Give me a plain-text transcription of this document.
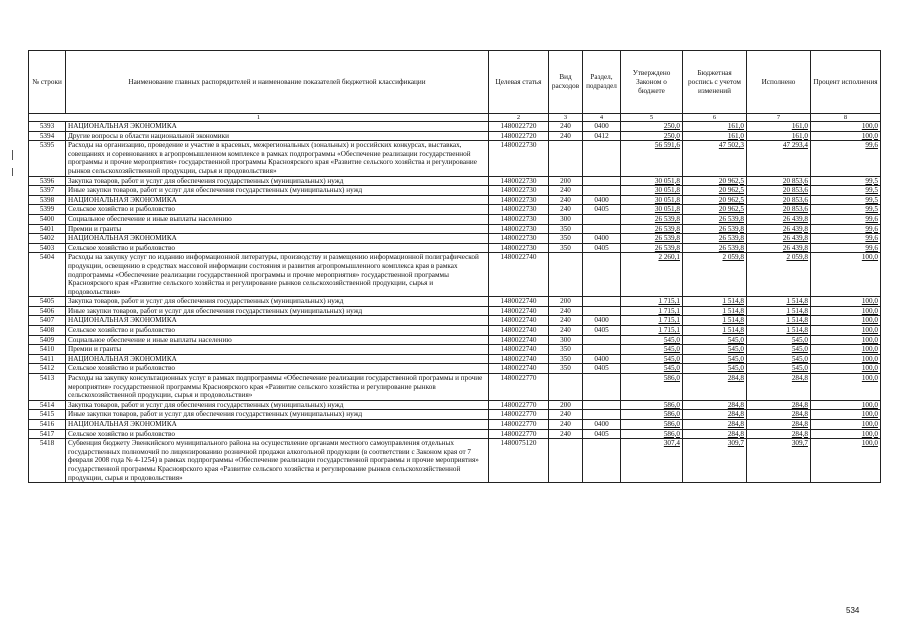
№ строки	Наименование главных распорядителей и наименование показателей бюджетной классификации	Целевая статья	Вид расходов	Раздел, подраздел	Утверждено Законом о бюджете	Бюджетная роспись с учетом изменений	Исполнено	Процент исполнения
1		2	3	4	5	6	7	8
5393	НАЦИОНАЛЬНАЯ ЭКОНОМИКА	1480022720	240	0400	250,0	161,0	161,0	100,0
5394	Другие вопросы в области национальной экономики	1480022720	240	0412	250,0	161,0	161,0	100,0
5395	Расходы на организацию, проведение и участие в красевых, межрегиональных (зональных) и российских конкурсах, выставках, совещаниях и соревнованиях в агропромышленном комплексе в рамках подпрограммы «Обеспечение реализации государственной программы и прочие мероприятия» государственной программы Красноярского края «Развитие сельского хозяйства и регулирование рынков сельскохозяйственной продукции, сырья и продовольствия»	1480022730			56 591,6	47 502,3	47 293,4	99,6
5396	Закупка товаров, работ и услуг для обеспечения государственных (муниципальных) нужд	1480022730	200		30 051,8	20 962,5	20 853,6	99,5
5397	Иные закупки товаров, работ и услуг для обеспечения государственных (муниципальных) нужд	1480022730	240		30 051,8	20 962,5	20 853,6	99,5
5398	НАЦИОНАЛЬНАЯ ЭКОНОМИКА	1480022730	240	0400	30 051,8	20 962,5	20 853,6	99,5
5399	Сельское хозяйство и рыболовство	1480022730	240	0405	30 051,8	20 962,5	20 853,6	99,5
5400	Социальное обеспечение и иные выплаты населению	1480022730	300		26 539,8	26 539,8	26 439,8	99,6
5401	Премии и гранты	1480022730	350		26 539,8	26 539,8	26 439,8	99,6
5402	НАЦИОНАЛЬНАЯ ЭКОНОМИКА	1480022730	350	0400	26 539,8	26 539,8	26 439,8	99,6
5403	Сельское хозяйство и рыболовство	1480022730	350	0405	26 539,8	26 539,8	26 439,8	99,6
5404	Расходы на закупку услуг по изданию информационной литературы, производству и размещению информационной полиграфической продукции, освещению в средствах массовой информации состояния и развития агропромышленного комплекса края в рамках подпрограммы «Обеспечение реализации государственной программы и прочие мероприятия» государственной программы Красноярского края «Развитие сельского хозяйства и регулирование рынков сельскохозяйственной продукции, сырья и продовольствия»	1480022740			2 260,1	2 059,8	2 059,8	100,0
5405	Закупка товаров, работ и услуг для обеспечения государственных (муниципальных) нужд	1480022740	200		1 715,1	1 514,8	1 514,8	100,0
5406	Иные закупки товаров, работ и услуг для обеспечения государственных (муниципальных) нужд	1480022740	240		1 715,1	1 514,8	1 514,8	100,0
5407	НАЦИОНАЛЬНАЯ ЭКОНОМИКА	1480022740	240	0400	1 715,1	1 514,8	1 514,8	100,0
5408	Сельское хозяйство и рыболовство	1480022740	240	0405	1 715,1	1 514,8	1 514,8	100,0
5409	Социальное обеспечение и иные выплаты населению	1480022740	300		545,0	545,0	545,0	100,0
5410	Премии и гранты	1480022740	350		545,0	545,0	545,0	100,0
5411	НАЦИОНАЛЬНАЯ ЭКОНОМИКА	1480022740	350	0400	545,0	545,0	545,0	100,0
5412	Сельское хозяйство и рыболовство	1480022740	350	0405	545,0	545,0	545,0	100,0
5413	Расходы на закупку консультационных услуг в рамках подпрограммы «Обеспечение реализации государственной программы и прочие мероприятия» государственной программы Красноярского края «Развитие сельского хозяйства и регулирование рынков сельскохозяйственной продукции, сырья и продовольствия»	1480022770			586,0	284,8	284,8	100,0
5414	Закупка товаров, работ и услуг для обеспечения государственных (муниципальных) нужд	1480022770	200		586,0	284,8	284,8	100,0
5415	Иные закупки товаров, работ и услуг для обеспечения государственных (муниципальных) нужд	1480022770	240		586,0	284,8	284,8	100,0
5416	НАЦИОНАЛЬНАЯ ЭКОНОМИКА	1480022770	240	0400	586,0	284,8	284,8	100,0
5417	Сельское хозяйство и рыболовство	1480022770	240	0405	586,0	284,8	284,8	100,0
5418	Субвенция бюджету Эвенкийского муниципального района на осуществление органами местного самоуправления отдельных государственных полномочий по лицензированию розничной продажи алкогольной продукции (в соответствии с Законом края от 7 февраля 2008 года № 4-1254) в рамках подпрограммы «Обеспечение реализации государственной программы и прочие мероприятия» государственной программы Красноярского края «Развитие сельского хозяйства и регулирование рынков сельскохозяйственной продукции, сырья и продовольствия»	1480075120			307,4	309,7	309,7	100,0
534
